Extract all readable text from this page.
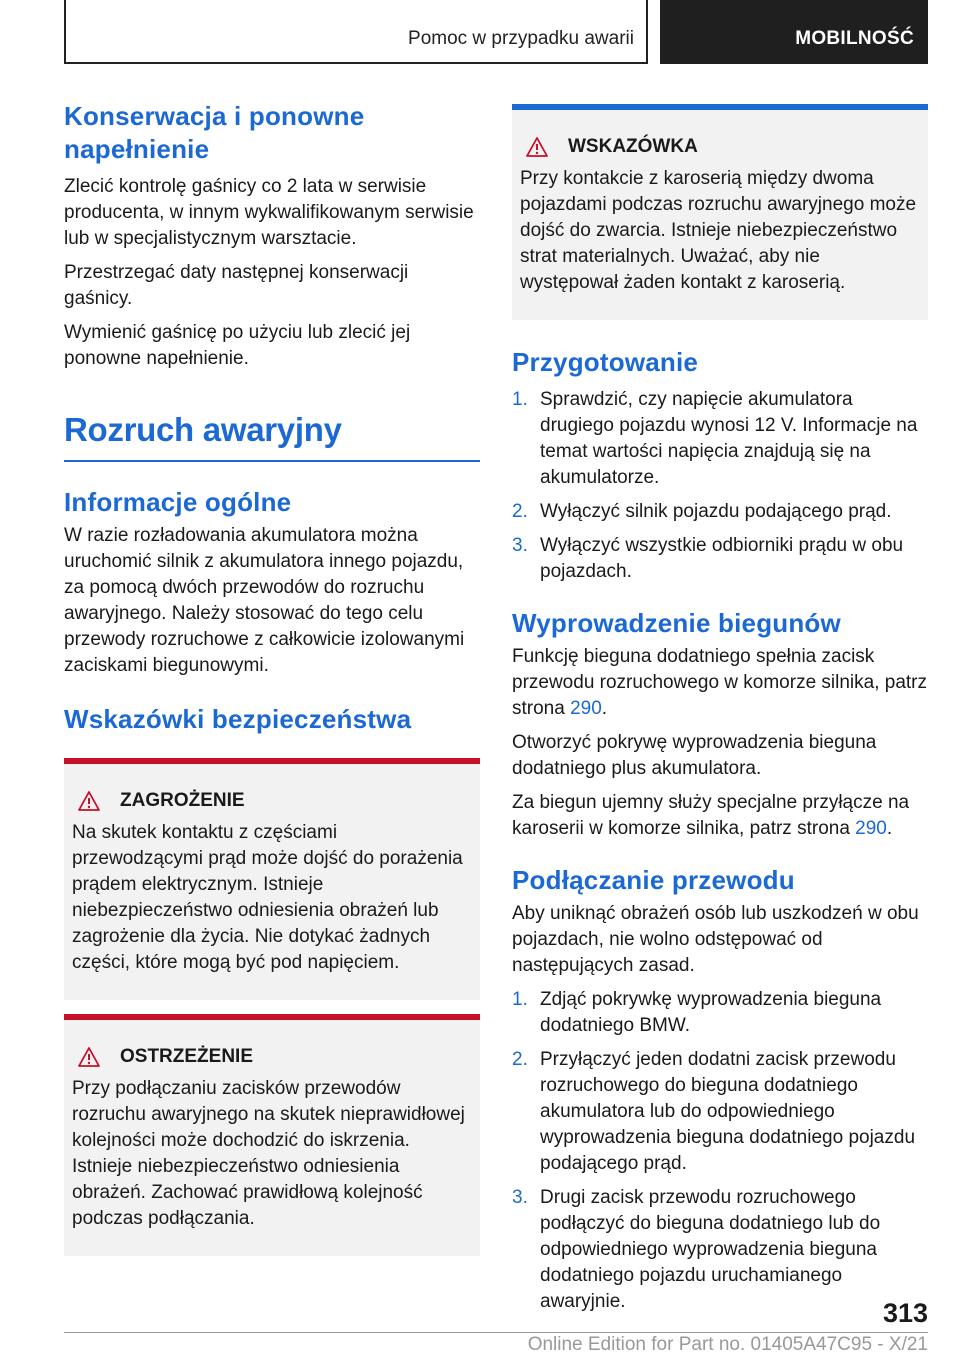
Pomoc w przypadku awarii	MOBILNOŚĆ
Konserwacja i ponowne napełnienie

Zlecić kontrolę gaśnicy co 2 lata w serwisie producenta, w innym wykwalifikowanym serwisie lub w specjalistycznym warsztacie.

Przestrzegać daty następnej konserwacji gaśnicy.

Wymienić gaśnicę po użyciu lub zlecić jej ponowne napełnienie.

Rozruch awaryjny
Informacje ogólne

W razie rozładowania akumulatora można uruchomić silnik z akumulatora innego pojazdu, za pomocą dwóch przewodów do rozruchu awaryjnego. Należy stosować do tego celu przewody rozruchowe z całkowicie izolowanymi zaciskami biegunowymi.

Wskazówki bezpieczeństwa
ZAGROŻENIE

Na skutek kontaktu z częściami przewodzącymi prąd może dojść do porażenia prądem elektrycznym. Istnieje niebezpieczeństwo odniesienia obrażeń lub zagrożenie dla życia. Nie dotykać żadnych części, które mogą być pod napięciem.

OSTRZEŻENIE

Przy podłączaniu zacisków przewodów rozruchu awaryjnego na skutek nieprawidłowej kolejności może dochodzić do iskrzenia. Istnieje niebezpieczeństwo odniesienia obrażeń. Zachować prawidłową kolejność podczas podłączania.

WSKAZÓWKA

Przy kontakcie z karoserią między dwoma pojazdami podczas rozruchu awaryjnego może dojść do zwarcia. Istnieje niebezpieczeństwo strat materialnych. Uważać, aby nie występował żaden kontakt z karoserią.

Przygotowanie
1. Sprawdzić, czy napięcie akumulatora drugiego pojazdu wynosi 12 V. Informacje na temat wartości napięcia znajdują się na akumulatorze.
2. Wyłączyć silnik pojazdu podającego prąd.
3. Wyłączyć wszystkie odbiorniki prądu w obu pojazdach.
Wyprowadzenie biegunów

Funkcję bieguna dodatniego spełnia zacisk przewodu rozruchowego w komorze silnika, patrz strona 290.

Otworzyć pokrywę wyprowadzenia bieguna dodatniego plus akumulatora.

Za biegun ujemny służy specjalne przyłącze na karoserii w komorze silnika, patrz strona 290.

Podłączanie przewodu

Aby uniknąć obrażeń osób lub uszkodzeń w obu pojazdach, nie wolno odstępować od następujących zasad.

1. Zdjąć pokrywkę wyprowadzenia bieguna dodatniego BMW.
2. Przyłączyć jeden dodatni zacisk przewodu rozruchowego do bieguna dodatniego akumulatora lub do odpowiedniego wyprowadzenia bieguna dodatniego pojazdu podającego prąd.
3. Drugi zacisk przewodu rozruchowego podłączyć do bieguna dodatniego lub do odpowiedniego wyprowadzenia bieguna dodatniego pojazdu uruchamianego awaryjnie.	313
Online Edition for Part no. 01405A47C95 - X/21
